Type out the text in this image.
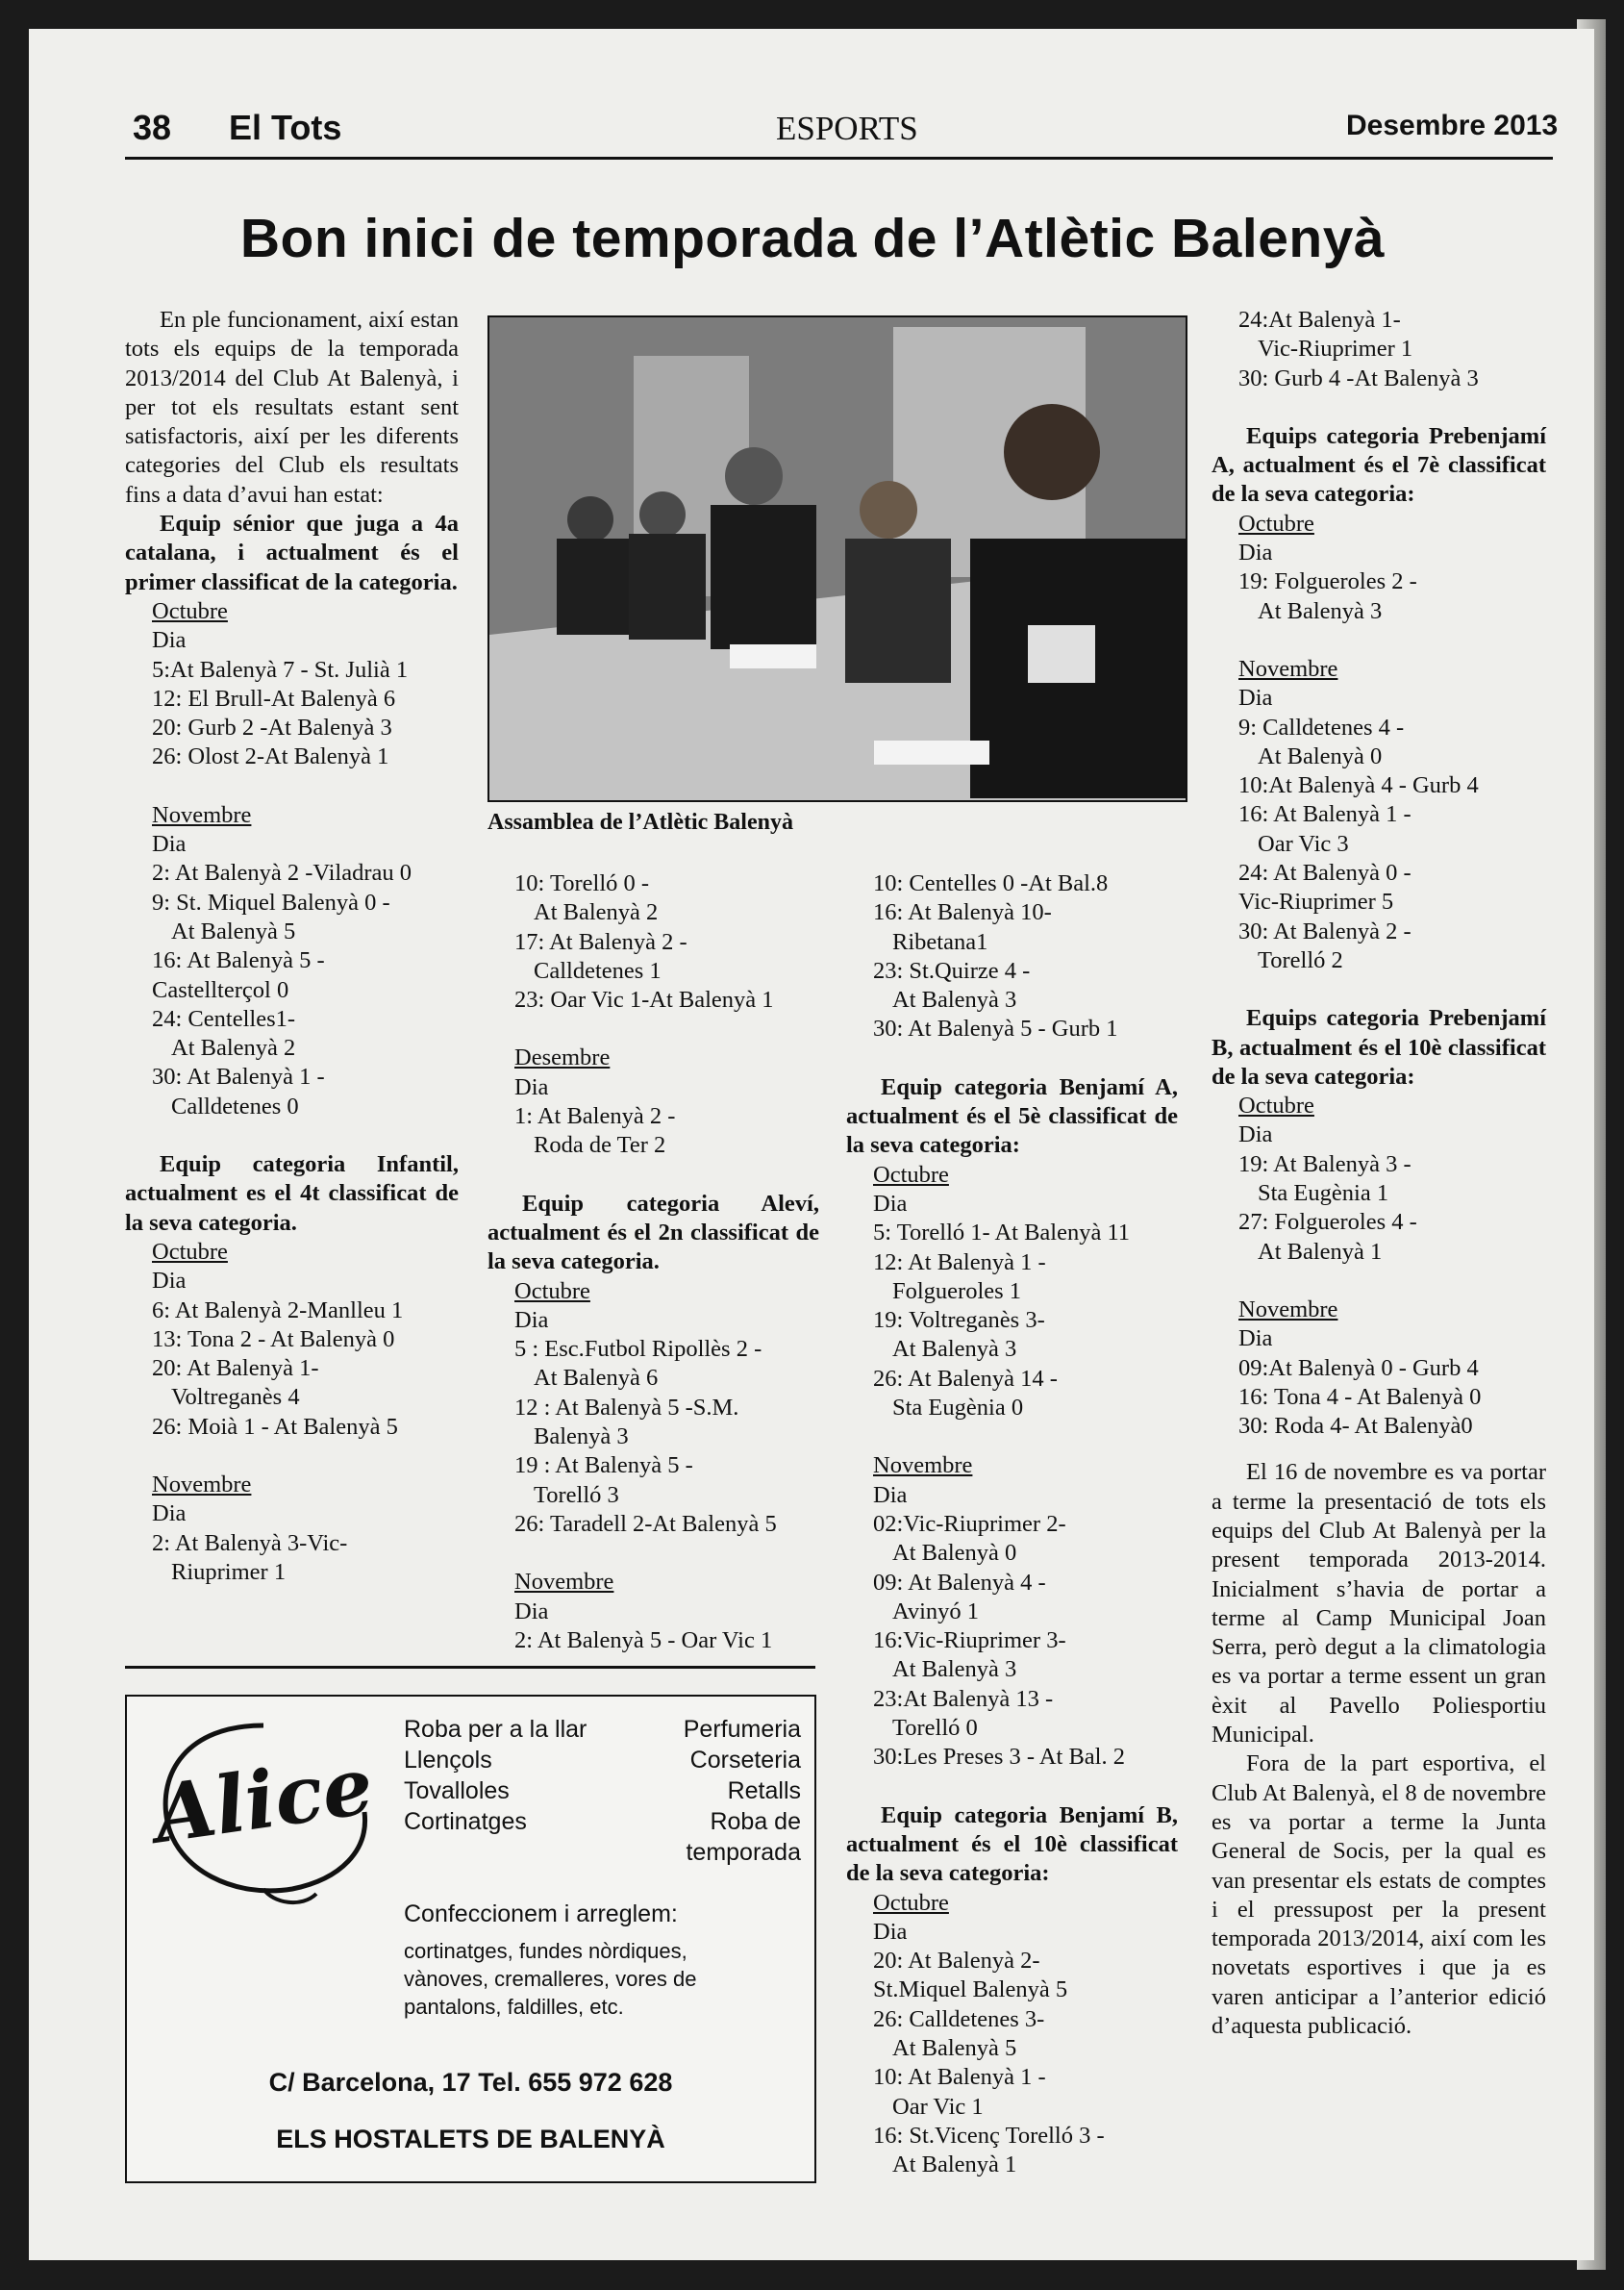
38 El Tots	ESPORTS	Desembre 2013
Bon inici de temporada de l’Atlètic Balenyà
Assamblea de l’Atlètic Balenyà

En ple funcionament, així estan tots els equips de la temporada 2013/2014 del Club At Balenyà, i per tot els resultats estant sent satisfactoris, així per les diferents categories del Club els resultats fins a data d’avui han estat:

Equip sénior que juga a 4a catalana, i actualment és el primer classificat de la categoria.

Octubre

Dia

5:At Balenyà 7 - St. Julià 1

12: El Brull-At Balenyà 6

20: Gurb 2 -At Balenyà 3

26: Olost 2-At Balenyà 1

Novembre

Dia

2: At Balenyà 2 -Viladrau 0

9: St. Miquel Balenyà 0 -

At Balenyà 5

16: At Balenyà 5 -

Castellterçol 0

24: Centelles1-

At Balenyà 2

30: At Balenyà 1 -

Calldetenes 0

Equip categoria Infantil, actualment es el 4t classificat de la seva categoria.

Octubre

Dia

6: At Balenyà 2-Manlleu 1

13: Tona 2 - At Balenyà 0

20: At Balenyà 1-

Voltreganès 4

26: Moià 1 - At Balenyà 5

Novembre

Dia

2: At Balenyà 3-Vic-

Riuprimer 1

10: Torelló 0 -

At Balenyà 2

17: At Balenyà 2 -

Calldetenes 1

23: Oar Vic 1-At Balenyà 1

Desembre

Dia

1: At Balenyà 2 -

Roda de Ter 2

Equip categoria Aleví, actualment és el 2n classificat de la seva categoria.

Octubre

Dia

5 : Esc.Futbol Ripollès 2 -

At Balenyà 6

12 : At Balenyà 5 -S.M.

Balenyà 3

19 : At Balenyà 5 -

Torelló 3

26: Taradell 2-At Balenyà 5

Novembre

Dia

2: At Balenyà 5 - Oar Vic 1

10: Centelles 0 -At Bal.8

16: At Balenyà 10-

Ribetana1

23: St.Quirze 4 -

At Balenyà 3

30: At Balenyà 5 - Gurb 1

Equip categoria Benjamí A, actualment és el 5è classificat de la seva categoria:

Octubre

Dia

5: Torelló 1- At Balenyà 11

12: At Balenyà 1 -

Folgueroles 1

19: Voltreganès 3-

At Balenyà 3

26: At Balenyà 14 -

Sta Eugènia 0

Novembre

Dia

02:Vic-Riuprimer 2-

At Balenyà 0

09: At Balenyà 4 -

Avinyó 1

16:Vic-Riuprimer 3-

At Balenyà 3

23:At Balenyà 13 -

Torelló 0

30:Les Preses 3 - At Bal. 2

Equip categoria Benjamí B, actualment és el 10è classificat de la seva categoria:

Octubre

Dia

20: At Balenyà 2-

St.Miquel Balenyà 5

26: Calldetenes 3-

At Balenyà 5

10: At Balenyà 1 -

Oar Vic 1

16: St.Vicenç Torelló 3 -

At Balenyà 1

24:At Balenyà 1-

Vic-Riuprimer 1

30: Gurb 4 -At Balenyà 3

Equips categoria Prebenjamí A, actualment és el 7è classificat de la seva categoria:

Octubre

Dia

19: Folgueroles 2 -

At Balenyà 3

Novembre

Dia

9: Calldetenes 4 -

At Balenyà 0

10:At Balenyà 4 - Gurb 4

16: At Balenyà 1 -

Oar Vic 3

24: At Balenyà 0 -

Vic-Riuprimer 5

30: At Balenyà 2 -

Torelló 2

Equips categoria Prebenjamí B, actualment és el 10è classificat de la seva categoria:

Octubre

Dia

19: At Balenyà 3 -

Sta Eugènia 1

27: Folgueroles 4 -

At Balenyà 1

Novembre

Dia

09:At Balenyà 0 - Gurb 4

16: Tona 4 - At Balenyà 0

30: Roda 4- At Balenyà0

El 16 de novembre es va portar a terme la presentació de tots els equips del Club At Balenyà per la present temporada 2013-2014. Inicialment s’havia de portar a terme al Camp Municipal Joan Serra, però degut a la climatologia es va portar a terme essent un gran èxit al Pavello Poliesportiu Municipal.

Fora de la part esportiva, el Club At Balenyà, el 8 de novembre es va portar a terme la Junta General de Socis, per la qual es van presentar els estats de comptes i el pressupost per la present temporada 2013/2014, així com les novetats esportives i que ja es varen anticipar a l’anterior edició d’aquesta publicació.

Alice

Roba per a la llar

Llençols

Tovalloles

Cortinatges

Perfumeria

Corseteria

Retalls

Roba de

temporada

Confeccionem i arreglem:

cortinatges, fundes nòrdiques,

vànoves, cremalleres, vores de

pantalons, faldilles, etc.

C/ Barcelona, 17 Tel. 655 972 628
ELS HOSTALETS DE BALENYÀ
